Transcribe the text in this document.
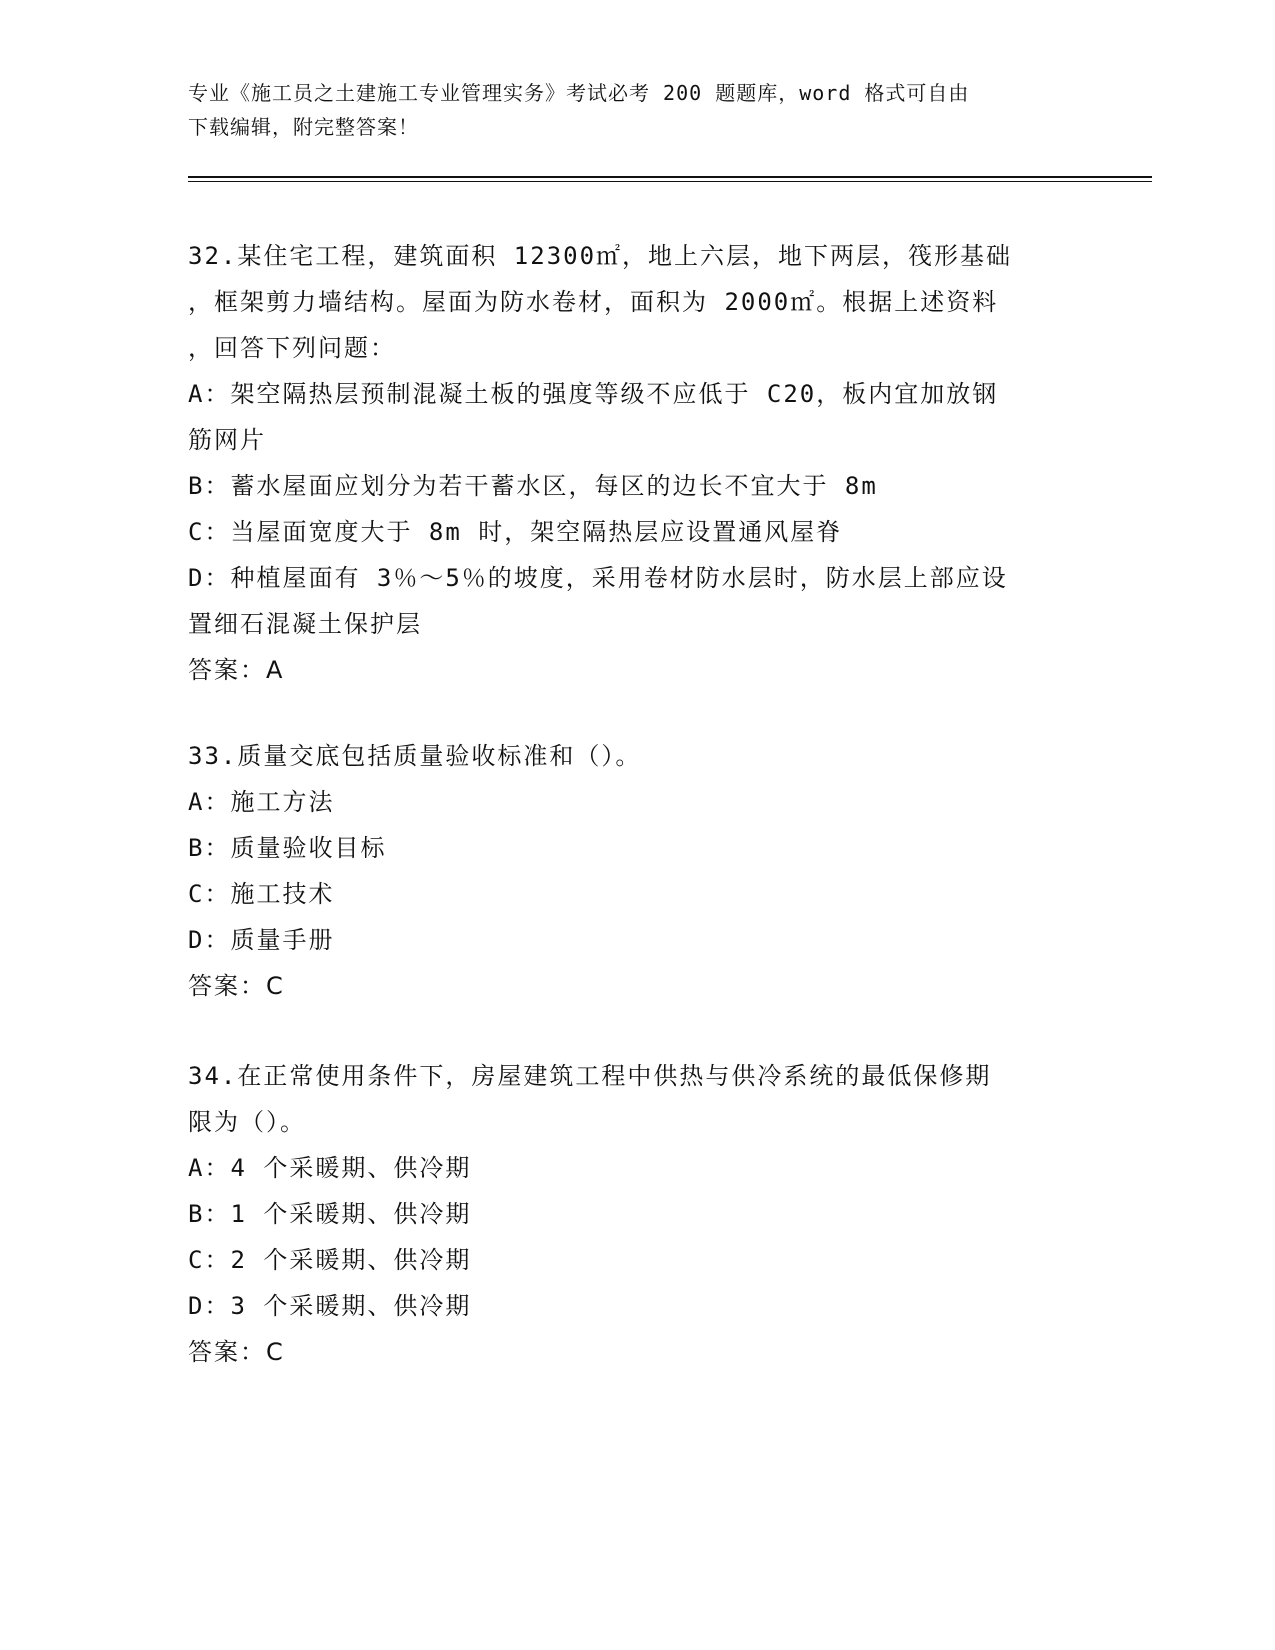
专业《施工员之土建施工专业管理实务》考试必考 200 题题库，word 格式可自由
下载编辑，附完整答案！

32.某住宅工程，建筑面积 12300㎡，地上六层，地下两层，筏形基础

，框架剪力墙结构。屋面为防水卷材，面积为 2000㎡。根据上述资料

，回答下列问题：

A：架空隔热层预制混凝土板的强度等级不应低于 C20，板内宜加放钢

筋网片

B：蓄水屋面应划分为若干蓄水区，每区的边长不宜大于 8m

C：当屋面宽度大于 8m 时，架空隔热层应设置通风屋脊

D：种植屋面有 3％～5％的坡度，采用卷材防水层时，防水层上部应设

置细石混凝土保护层

答案：A

33.质量交底包括质量验收标准和（）。

A：施工方法

B：质量验收目标

C：施工技术

D：质量手册

答案：C

34.在正常使用条件下，房屋建筑工程中供热与供冷系统的最低保修期

限为（）。

A：4 个采暖期、供冷期

B：1 个采暖期、供冷期

C：2 个采暖期、供冷期

D：3 个采暖期、供冷期

答案：C
